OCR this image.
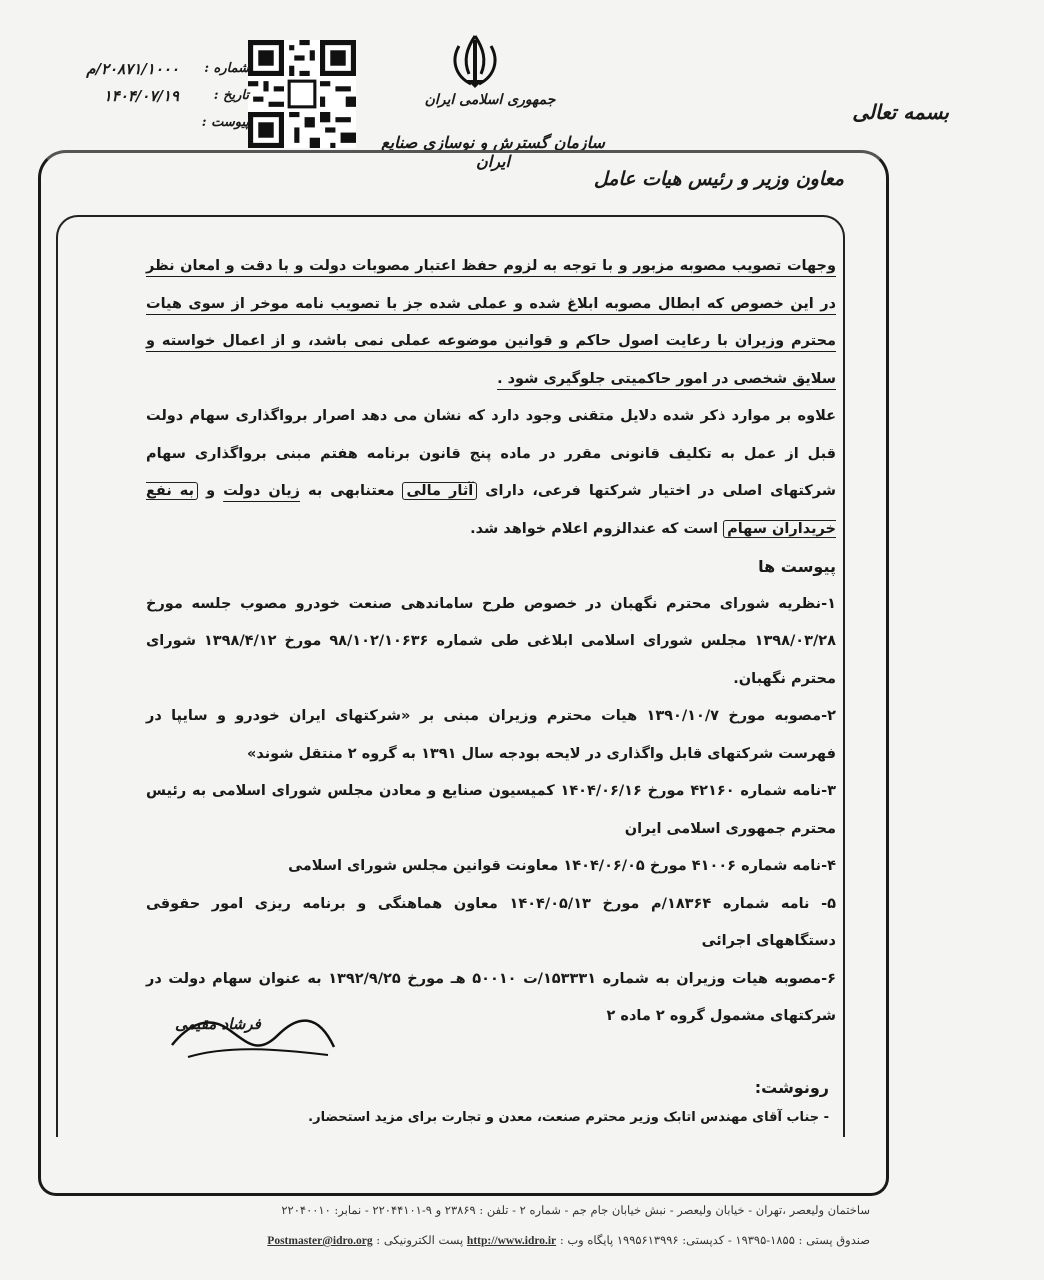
بسمه تعالی
جمهوری اسلامی ایران
سازمان گسترش و نوسازی صنایع ایران
شماره :
۲۰۸۷۱/۱۰۰۰/م
تاریخ :
۱۴۰۴/۰۷/۱۹
پیوست :
معاون وزیر و رئیس هیات عامل

وجهات تصویب مصوبه مزبور و با توجه به لزوم حفظ اعتبار مصوبات دولت و با دقت و امعان نظر در این خصوص که ابطال مصوبه ابلاغ شده و عملی شده جز با تصویب نامه موخر از سوی هیات محترم وزیران با رعایت اصول حاکم و قوانین موضوعه عملی نمی باشد، و از اعمال خواسته و سلایق شخصی در امور حاکمیتی جلوگیری شود .

علاوه بر موارد ذکر شده دلایل متقنی وجود دارد که نشان می دهد اصرار برواگذاری سهام دولت قبل از عمل به تکلیف قانونی مقرر در ماده پنج قانون برنامه هفتم مبنی برواگذاری سهام شرکتهای اصلی در اختیار شرکتها فرعی، دارای آثار مالی معتنابهی به زیان دولت و به نفع خریداران سهام است که عندالزوم اعلام خواهد شد.

پیوست ها

۱-نظریه شورای محترم نگهبان در خصوص طرح ساماندهی صنعت خودرو مصوب جلسه مورخ ۱۳۹۸/۰۳/۲۸ مجلس شورای اسلامی ابلاغی طی شماره ۹۸/۱۰۲/۱۰۶۳۶ مورخ ۱۳۹۸/۴/۱۲ شورای محترم نگهبان.

۲-مصوبه مورخ ۱۳۹۰/۱۰/۷ هیات محترم وزیران مبنی بر «شرکتهای ایران خودرو و سایپا در فهرست شرکتهای قابل واگذاری در لایحه بودجه سال ۱۳۹۱ به گروه ۲ منتقل شوند»

۳-نامه شماره ۴۲۱۶۰ مورخ ۱۴۰۴/۰۶/۱۶ کمیسیون صنایع و معادن مجلس شورای اسلامی به رئیس محترم جمهوری اسلامی ایران

۴-نامه شماره ۴۱۰۰۶ مورخ ۱۴۰۴/۰۶/۰۵ معاونت قوانین مجلس شورای اسلامی

۵- نامه شماره ۱۸۳۶۴/م مورخ ۱۴۰۴/۰۵/۱۳ معاون هماهنگی و برنامه ریزی امور حقوقی دستگاههای اجرائی

۶-مصوبه هیات وزیران به شماره ۱۵۳۳۳۱/ت ۵۰۰۱۰ هـ مورخ ۱۳۹۲/۹/۲۵ به عنوان سهام دولت در شرکتهای مشمول گروه ۲ ماده ۲

فرشاد مقیمی
رونوشت:
- جناب آقای مهندس اتابک وزیر محترم صنعت، معدن و تجارت برای مزید استحضار.
ساختمان ولیعصر ،تهران - خیابان ولیعصر - نبش خیابان جام جم - شماره ۲ - تلفن : ۲۳۸۶۹ و ۹-۲۲۰۴۴۱۰۱ - نمابر: ۲۲۰۴۰۰۱۰
صندوق پستی : ۱۸۵۵-۱۹۳۹۵ - کدپستی: ۱۹۹۵۶۱۳۹۹۶ پایگاه وب : http://www.idro.ir پست الکترونیکی : Postmaster@idro.org
